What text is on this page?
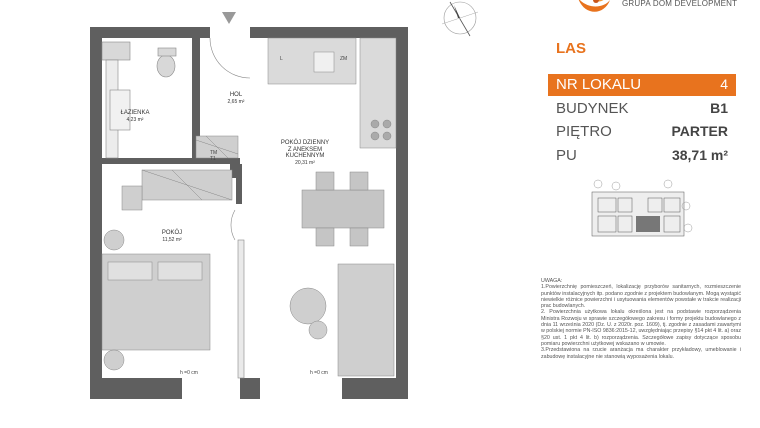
GRUPA DOM DEVELOPMENT
HOL
2,65 m²
ŁAZIENKA
4,23 m²
POKÓJ DZIENNY
Z ANEKSEM
KUCHENNYM
20,31 m²
POKÓJ
11,52 m²
ZM
L
TM
T1
h =0 cm	h =0 cm
LAS
NR LOKALU	4
BUDYNEK	B1
PIĘTRO	PARTER
PU	38,71 m²

UWAGA:

1.Powierzchnię pomieszczeń, lokalizację przyborów sanitarnych, rozmieszczenie punktów instalacyjnych itp. podano zgodnie z projektem budowlanym. Mogą wystąpić niewielkie różnice powierzchni i usytuowania elementów powstałe w trakcie realizacji prac budowlanych.

2. Powierzchnia użytkowa lokalu określona jest na podstawie rozporządzenia Ministra Rozwoju w sprawie szczegółowego zakresu i formy projektu budowlanego z dnia 11 września 2020 (Dz. U. z 2020r. poz. 1609), tj. zgodnie z zasadami zawartymi w polskiej normie PN-ISO 9836:2015-12, uwzględniając przepisy §14 pkt 4 lit. a) oraz §20 ust. 1 pkt 4 lit. b) rozporządzenia. Szczegółowe zapisy dotyczące sposobu pomiaru powierzchni użytkowej wskazano w umowie.

3.Przedstawiona na rzucie aranżacja ma charakter przykładowy, umeblowanie i zabudowę instalacyjne nie stanowią wyposażenia lokalu.
